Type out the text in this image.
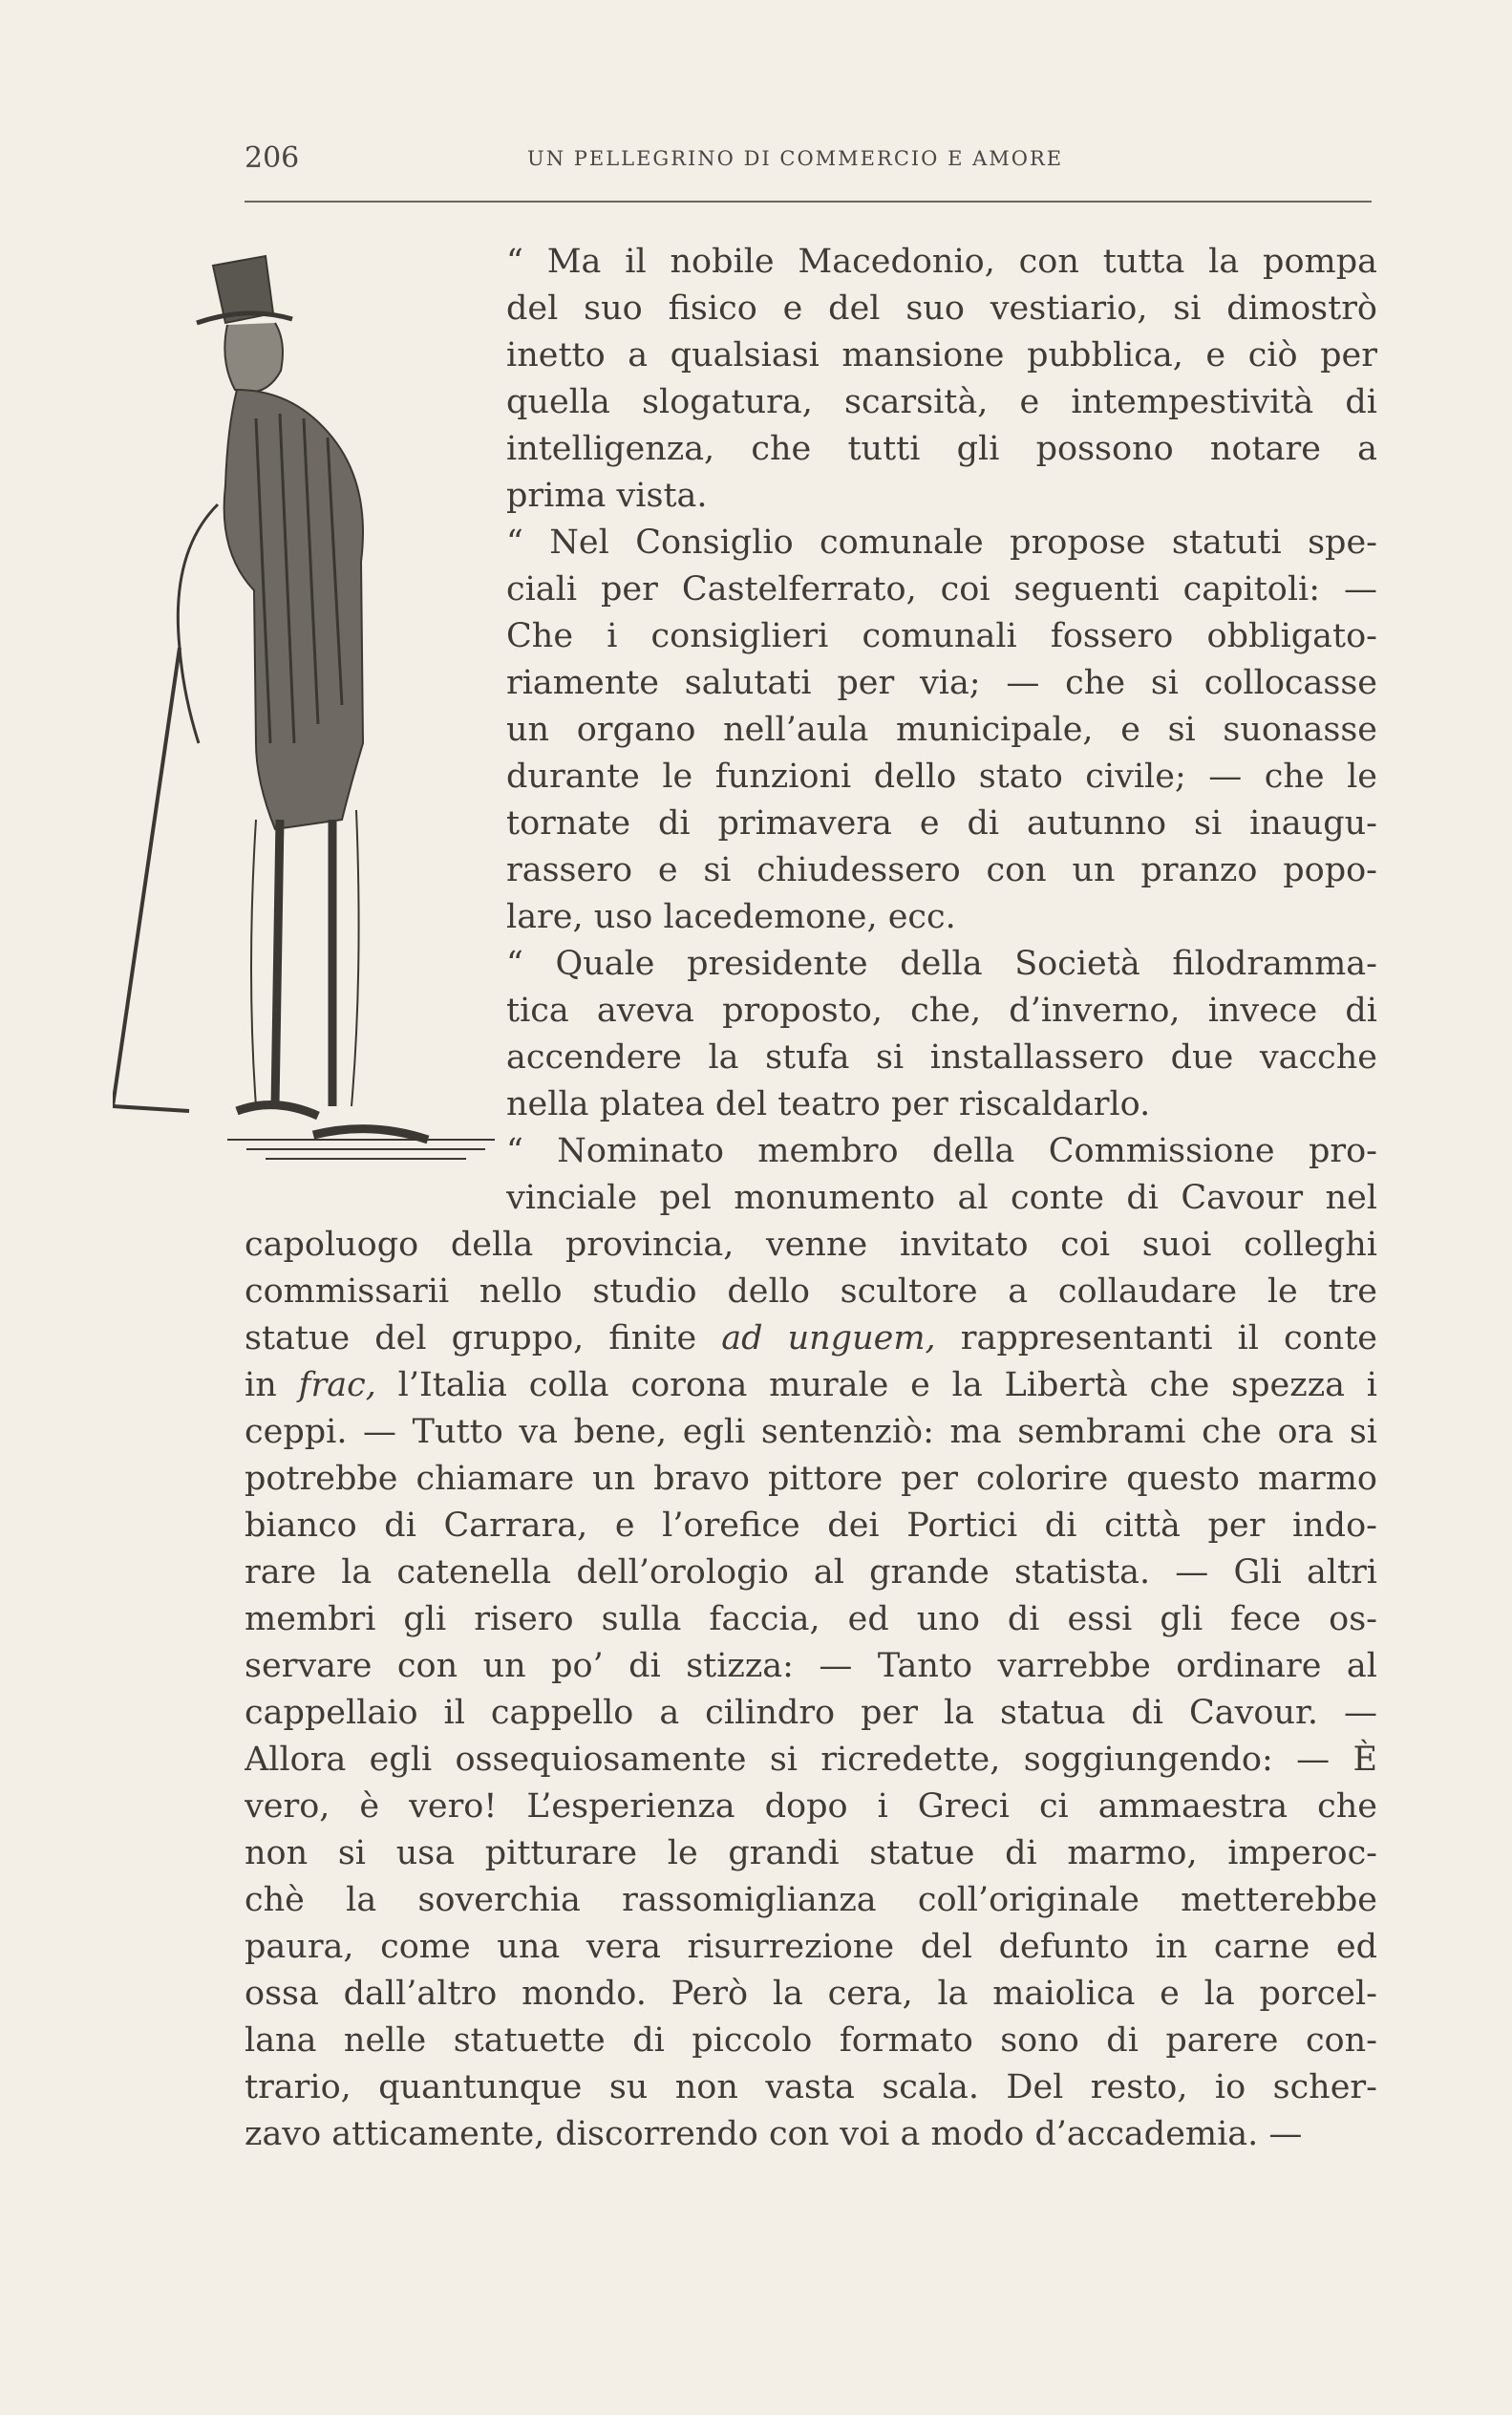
206	UN PELLEGRINO DI COMMERCIO E AMORE
“ Ma il nobile Macedonio, con tutta la pompa
del suo fisico e del suo vestiario, si dimostrò
inetto a qualsiasi mansione pubblica, e ciò per
quella slogatura, scarsità, e intempestività di
intelligenza, che tutti gli possono notare a
prima vista.
“ Nel Consiglio comunale propose statuti spe-
ciali per Castelferrato, coi seguenti capitoli: —
Che i consiglieri comunali fossero obbligato-
riamente salutati per via; — che si collocasse
un organo nell’aula municipale, e si suonasse
durante le funzioni dello stato civile; — che le
tornate di primavera e di autunno si inaugu-
rassero e si chiudessero con un pranzo popo-
lare, uso lacedemone, ecc.
“ Quale presidente della Società filodramma-
tica aveva proposto, che, d’inverno, invece di
accendere la stufa si installassero due vacche
nella platea del teatro per riscaldarlo.
“ Nominato membro della Commissione pro-
vinciale pel monumento al conte di Cavour nel
capoluogo della provincia, venne invitato coi suoi colleghi
commissarii nello studio dello scultore a collaudare le tre
statue del gruppo, finite ad unguem, rappresentanti il conte
in frac, l’Italia colla corona murale e la Libertà che spezza i
ceppi. — Tutto va bene, egli sentenziò: ma sembrami che ora si
potrebbe chiamare un bravo pittore per colorire questo marmo
bianco di Carrara, e l’orefice dei Portici di città per indo-
rare la catenella dell’orologio al grande statista. — Gli altri
membri gli risero sulla faccia, ed uno di essi gli fece os-
servare con un po’ di stizza: — Tanto varrebbe ordinare al
cappellaio il cappello a cilindro per la statua di Cavour. —
Allora egli ossequiosamente si ricredette, soggiungendo: — È
vero, è vero! L’esperienza dopo i Greci ci ammaestra che
non si usa pitturare le grandi statue di marmo, imperoc-
chè la soverchia rassomiglianza coll’originale metterebbe
paura, come una vera risurrezione del defunto in carne ed
ossa dall’altro mondo. Però la cera, la maiolica e la porcel-
lana nelle statuette di piccolo formato sono di parere con-
trario, quantunque su non vasta scala. Del resto, io scher-
zavo atticamente, discorrendo con voi a modo d’accademia. —
